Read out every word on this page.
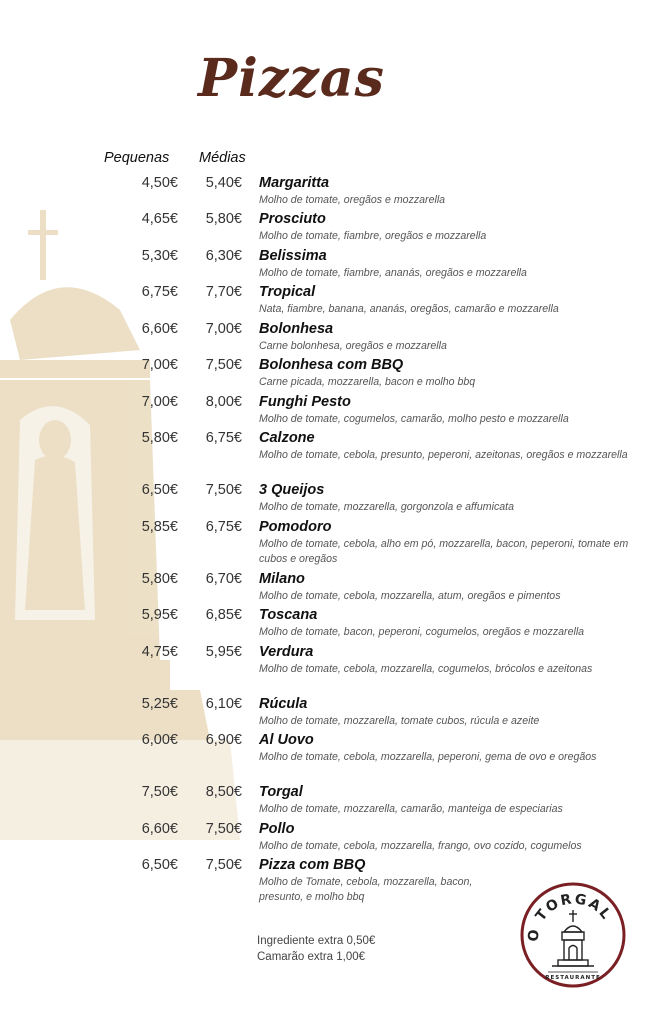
Pizzas
Pequenas Médias
4,50€	5,40€ Margaritta

Molho de tomate, oregãos e mozzarella

4,65€	5,80€ Prosciuto

Molho de tomate, fiambre, oregãos e mozzarella

5,30€	6,30€ Belissima

Molho de tomate, fiambre, ananás, oregãos e mozzarella

6,75€	7,70€ Tropical

Nata, fiambre, banana, ananás, oregãos, camarão e mozzarella

6,60€	7,00€ Bolonhesa

Carne bolonhesa, oregãos e mozzarella

7,00€	7,50€ Bolonhesa com BBQ

Carne picada, mozzarella, bacon e molho bbq

7,00€	8,00€ Funghi Pesto

Molho de tomate, cogumelos, camarão, molho pesto e mozzarella

5,80€	6,75€ Calzone

Molho de tomate, cebola, presunto, peperoni, azeitonas, oregãos e mozzarella

6,50€	7,50€ 3 Queijos

Molho de tomate, mozzarella, gorgonzola e affumicata

5,85€	6,75€ Pomodoro

Molho de tomate, cebola, alho em pó, mozzarella, bacon, peperoni, tomate em cubos e oregãos

5,80€	6,70€ Milano

Molho de tomate, cebola, mozzarella, atum, oregãos e pimentos

5,95€	6,85€ Toscana

Molho de tomate, bacon, peperoni, cogumelos, oregãos e mozzarella

4,75€	5,95€ Verdura

Molho de tomate, cebola, mozzarella, cogumelos, brócolos e azeitonas

5,25€	6,10€ Rúcula

Molho de tomate, mozzarella, tomate cubos, rúcula e azeite

6,00€	6,90€ Al Uovo

Molho de tomate, cebola, mozzarella, peperoni, gema de ovo e oregãos

7,50€	8,50€ Torgal

Molho de tomate, mozzarella, camarão, manteiga de especiarias

6,60€	7,50€ Pollo

Molho de tomate, cebola, mozzarella, frango, ovo cozido, cogumelos

6,50€	7,50€ Pizza com BBQ

Molho de Tomate, cebola, mozzarella, bacon, presunto, e molho bbq

Ingrediente extra 0,50€
Camarão extra 1,00€
O TORGAL
RESTAURANTE
